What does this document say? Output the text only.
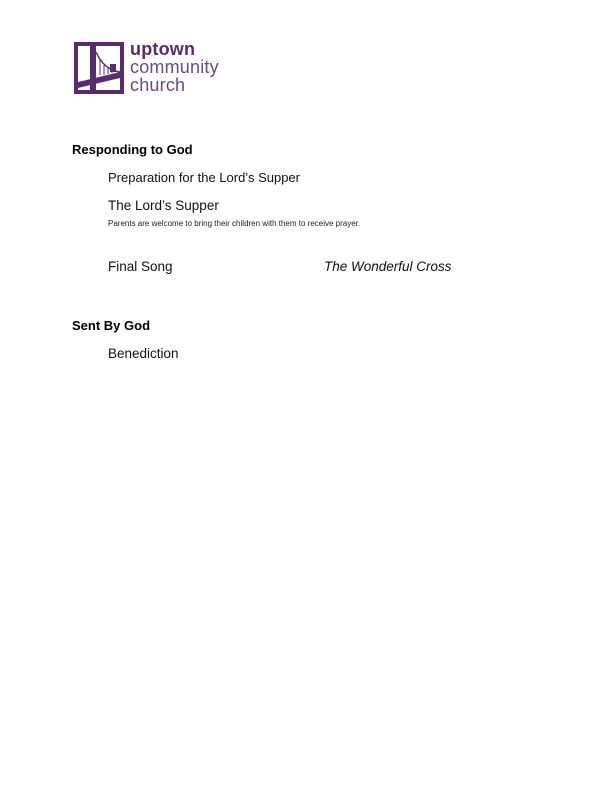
uptown
community
church
Responding to God
Preparation for the Lord’s Supper
The Lord’s Supper
Parents are welcome to bring their children with them to receive prayer.
Final Song	The Wonderful Cross
Sent By God
Benediction
